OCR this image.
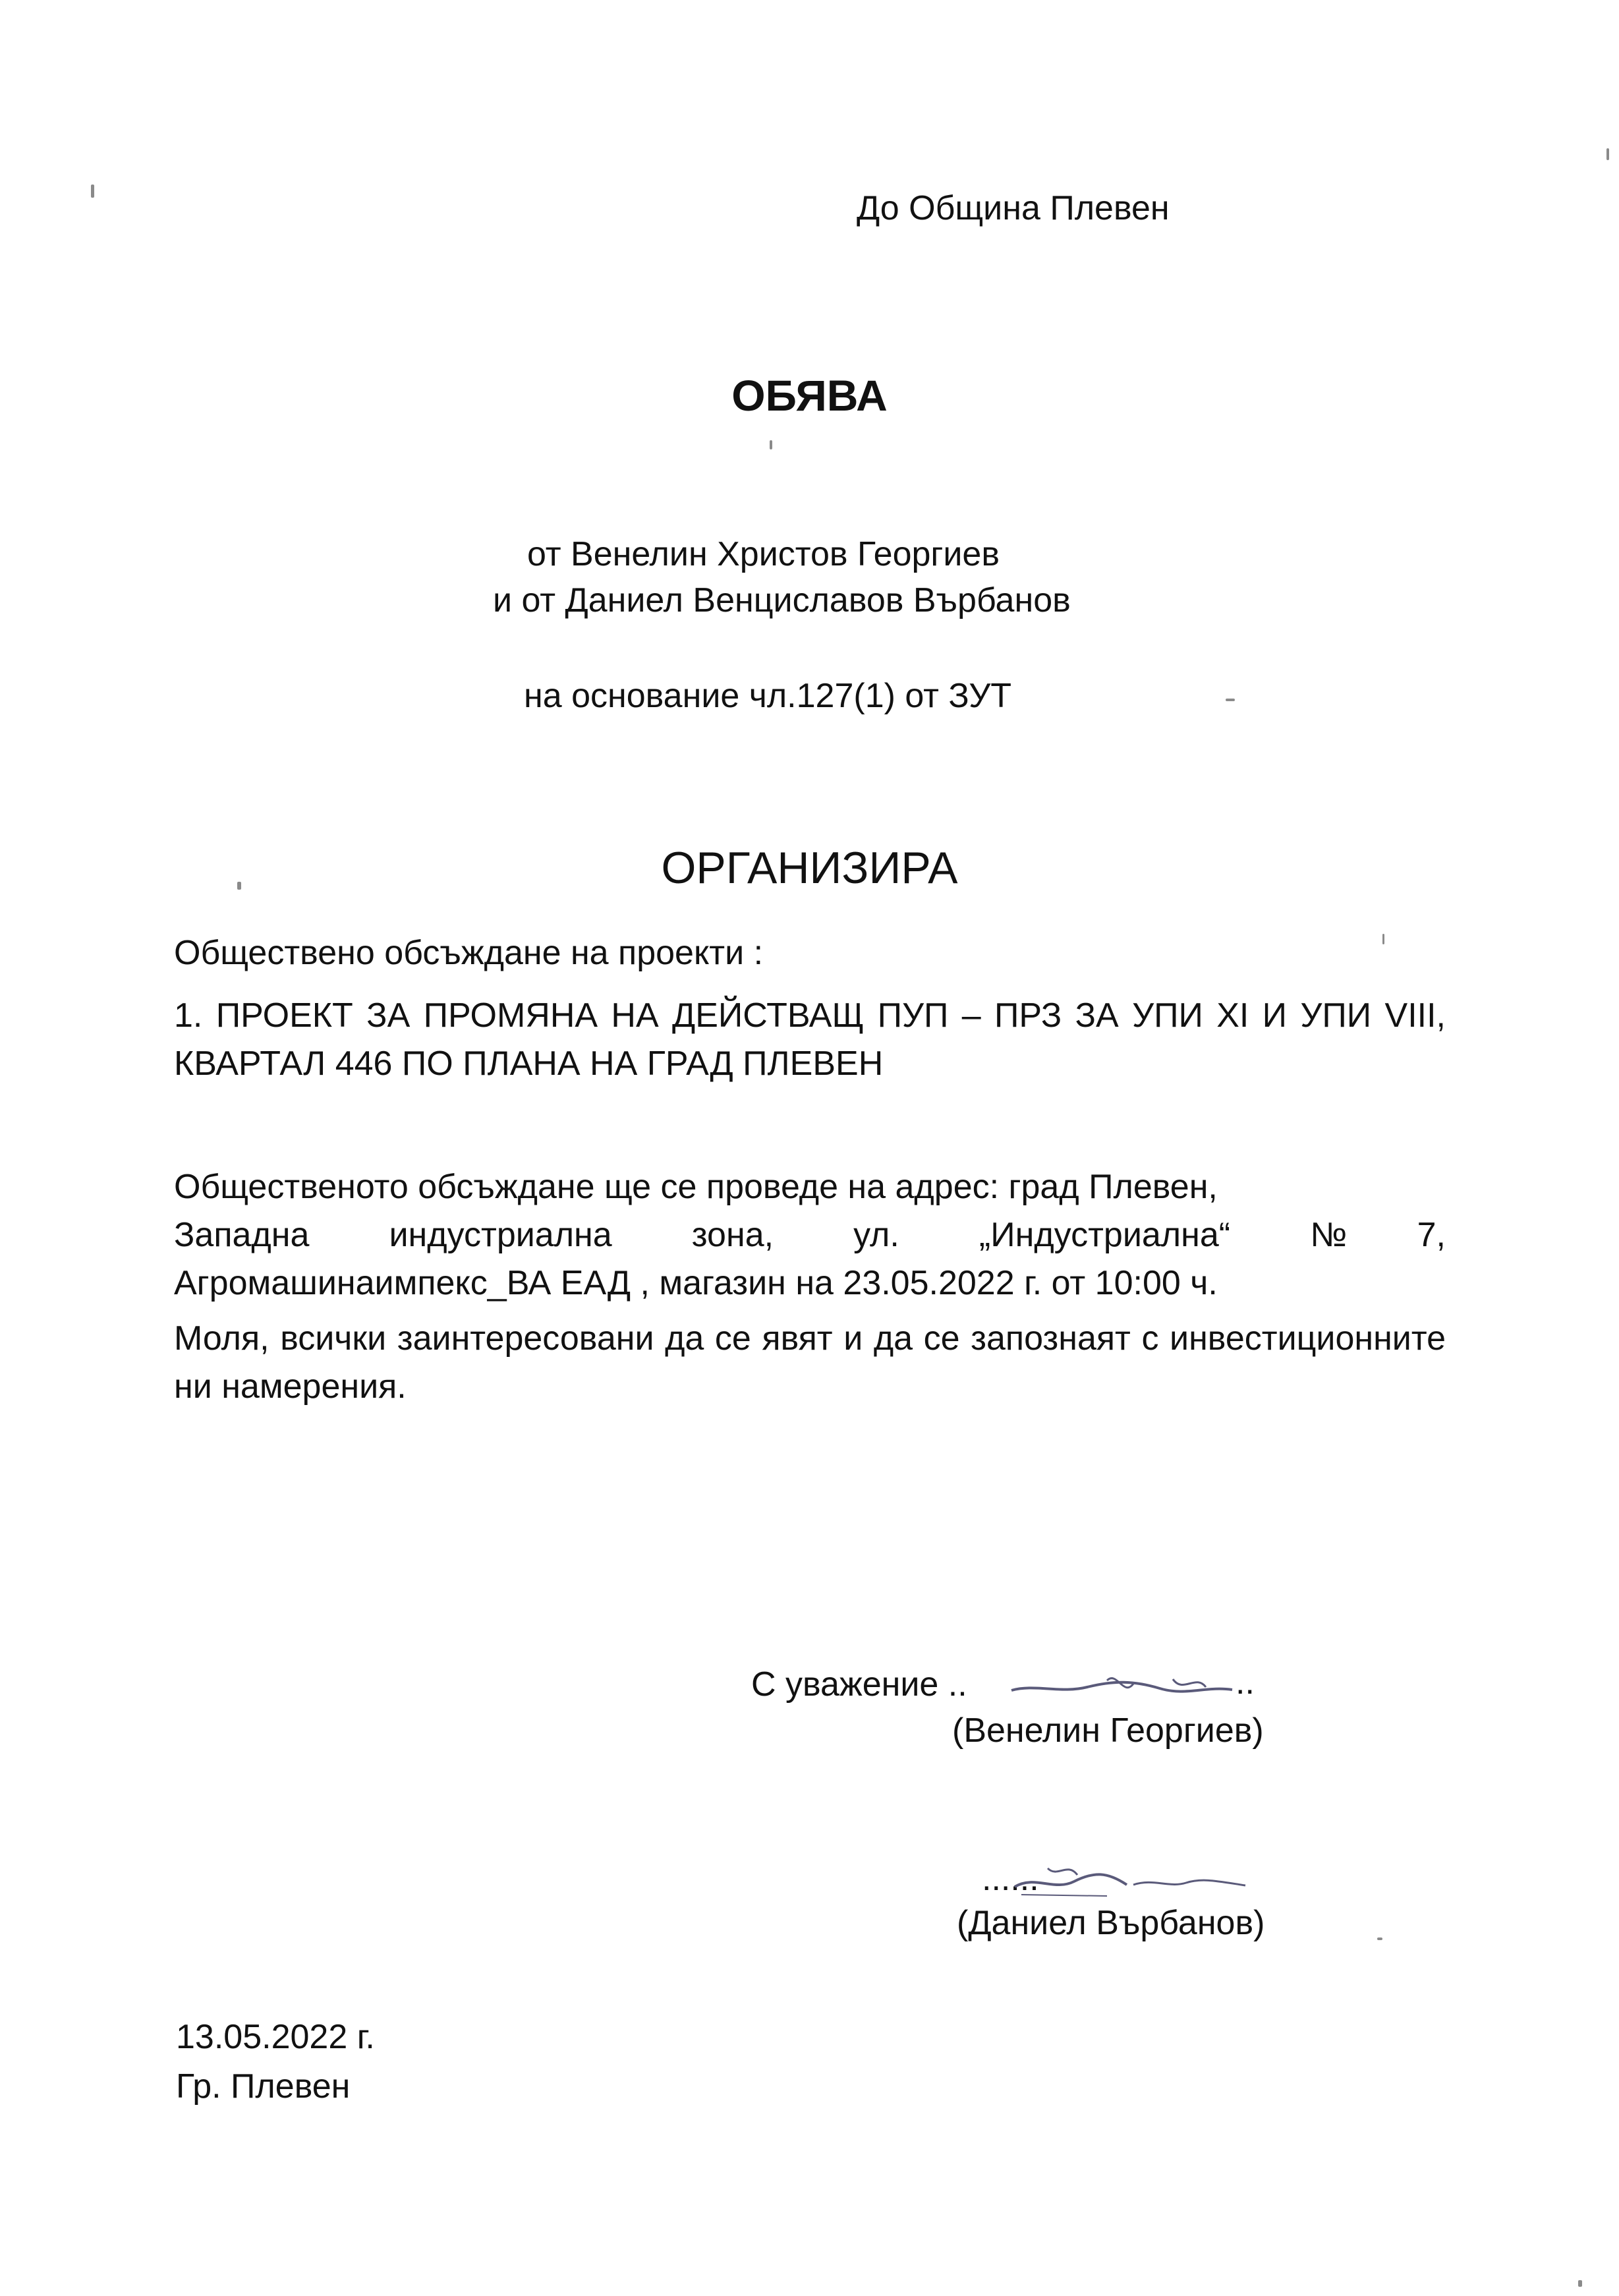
До Община Плевен
ОБЯВА
от Венелин Христов Георгиев
и от Даниел Венциславов Върбанов
на основание чл.127(1) от ЗУТ
ОРГАНИЗИРА
Обществено обсъждане на проекти :
1. ПРОЕКТ ЗА ПРОМЯНА НА ДЕЙСТВАЩ ПУП – ПРЗ ЗА УПИ XI И УПИ VIII, КВАРТАЛ 446 ПО ПЛАНА НА ГРАД ПЛЕВЕН
Общественото обсъждане ще се проведе на адрес: град Плевен,
Западна индустриална зона, ул. „Индустриална“ №7,
Агромашинаимпекс_ВА ЕАД , магазин на 23.05.2022 г. от 10:00 ч.
Моля, всички заинтересовани да се явят и да се запознаят с инвестиционните ни намерения.
С уважение ..	..
(Венелин Георгиев)
......
(Даниел Върбанов)
13.05.2022 г.
Гр. Плевен
